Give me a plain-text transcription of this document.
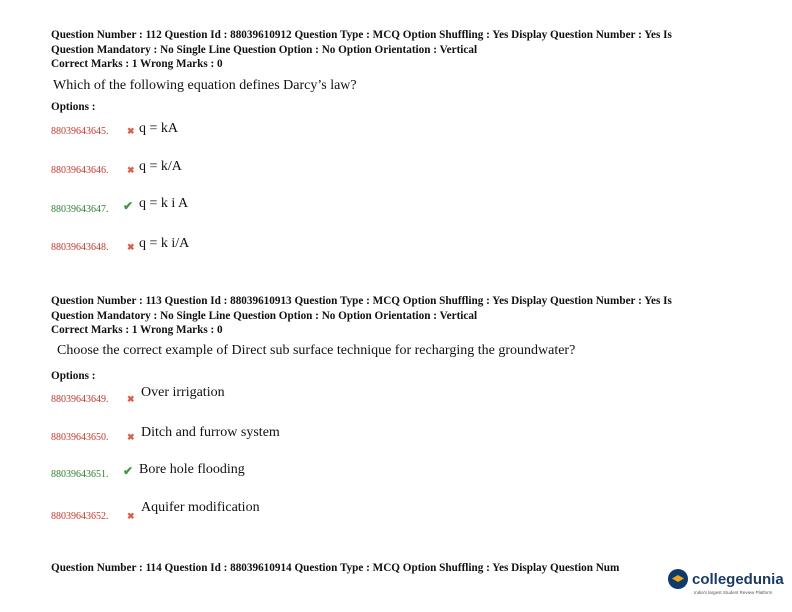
Question Number : 112 Question Id : 88039610912 Question Type : MCQ Option Shuffling : Yes Display Question Number : Yes Is
Question Mandatory : No Single Line Question Option : No Option Orientation : Vertical
Correct Marks : 1 Wrong Marks : 0

Which of the following equation defines Darcy’s law?
Options :
88039643645. ✖ q = kA
88039643646. ✖ q = k/A
88039643647. ✔ q = k i A
88039643648. ✖ q = k i/A

Question Number : 113 Question Id : 88039610913 Question Type : MCQ Option Shuffling : Yes Display Question Number : Yes Is
Question Mandatory : No Single Line Question Option : No Option Orientation : Vertical
Correct Marks : 1 Wrong Marks : 0

Choose the correct example of Direct sub surface technique for recharging the groundwater?
Options :
88039643649. ✖ Over irrigation
88039643650. ✖ Ditch and furrow system
88039643651. ✔ Bore hole flooding
88039643652. ✖
Aquifer modification
Question Number : 114 Question Id : 88039610914 Question Type : MCQ Option Shuffling : Yes Display Question Num
collegedunia
India's largest Student Review Platform
